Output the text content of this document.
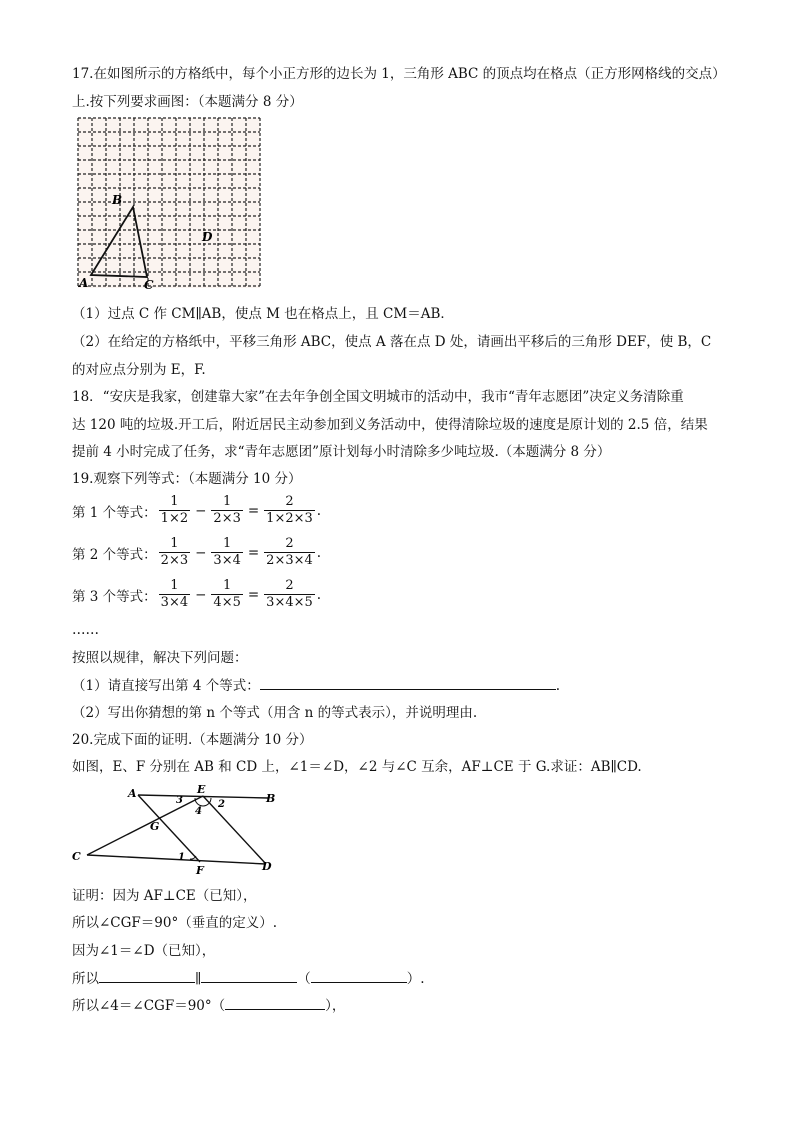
17.在如图所示的方格纸中，每个小正方形的边长为 1，三角形 ABC 的顶点均在格点（正方形网格线的交点）
上.按下列要求画图：（本题满分 8 分）
B
A	C
D
（1）过点 C 作 CM∥AB，使点 M 也在格点上，且 CM＝AB．
（2）在给定的方格纸中，平移三角形 ABC，使点 A 落在点 D 处，请画出平移后的三角形 DEF，使 B，C
的对应点分别为 E，F.
18．“安庆是我家，创建靠大家”在去年争创全国文明城市的活动中，我市“青年志愿团”决定义务清除重
达 120 吨的垃圾.开工后，附近居民主动参加到义务活动中，使得清除垃圾的速度是原计划的 2.5 倍，结果
提前 4 小时完成了任务，求“青年志愿团”原计划每小时清除多少吨垃圾.（本题满分 8 分）
19.观察下列等式：（本题满分 10 分）
第 1 个等式： $\frac{1}{1\times 2} - \frac{1}{2\times 3} = \frac{2}{1\times 2\times 3}$ .
第 2 个等式： $\frac{1}{2\times 3} - \frac{1}{3\times 4} = \frac{2}{2\times 3\times 4}$ .
第 3 个等式： $\frac{1}{3\times 4} - \frac{1}{4\times 5} = \frac{2}{3\times 4\times 5}$ .
……
按照以规律，解决下列问题：
（1）请直接写出第 4 个等式：	.
（2）写出你猜想的第 n 个等式（用含 n 的等式表示），并说明理由.
20.完成下面的证明.（本题满分 10 分）
如图，E、F 分别在 AB 和 CD 上，∠1＝∠D，∠2 与∠C 互余，AF⊥CE 于 G.求证：AB∥CD.
A	B
C
D
E
F
G
1
2
3
4
证明：因为 AF⊥CE（已知），
所以∠CGF＝90°（垂直的定义）.
因为∠1＝∠D（已知），
所以	∥	（	）.
所以∠4＝∠CGF＝90°（	），
